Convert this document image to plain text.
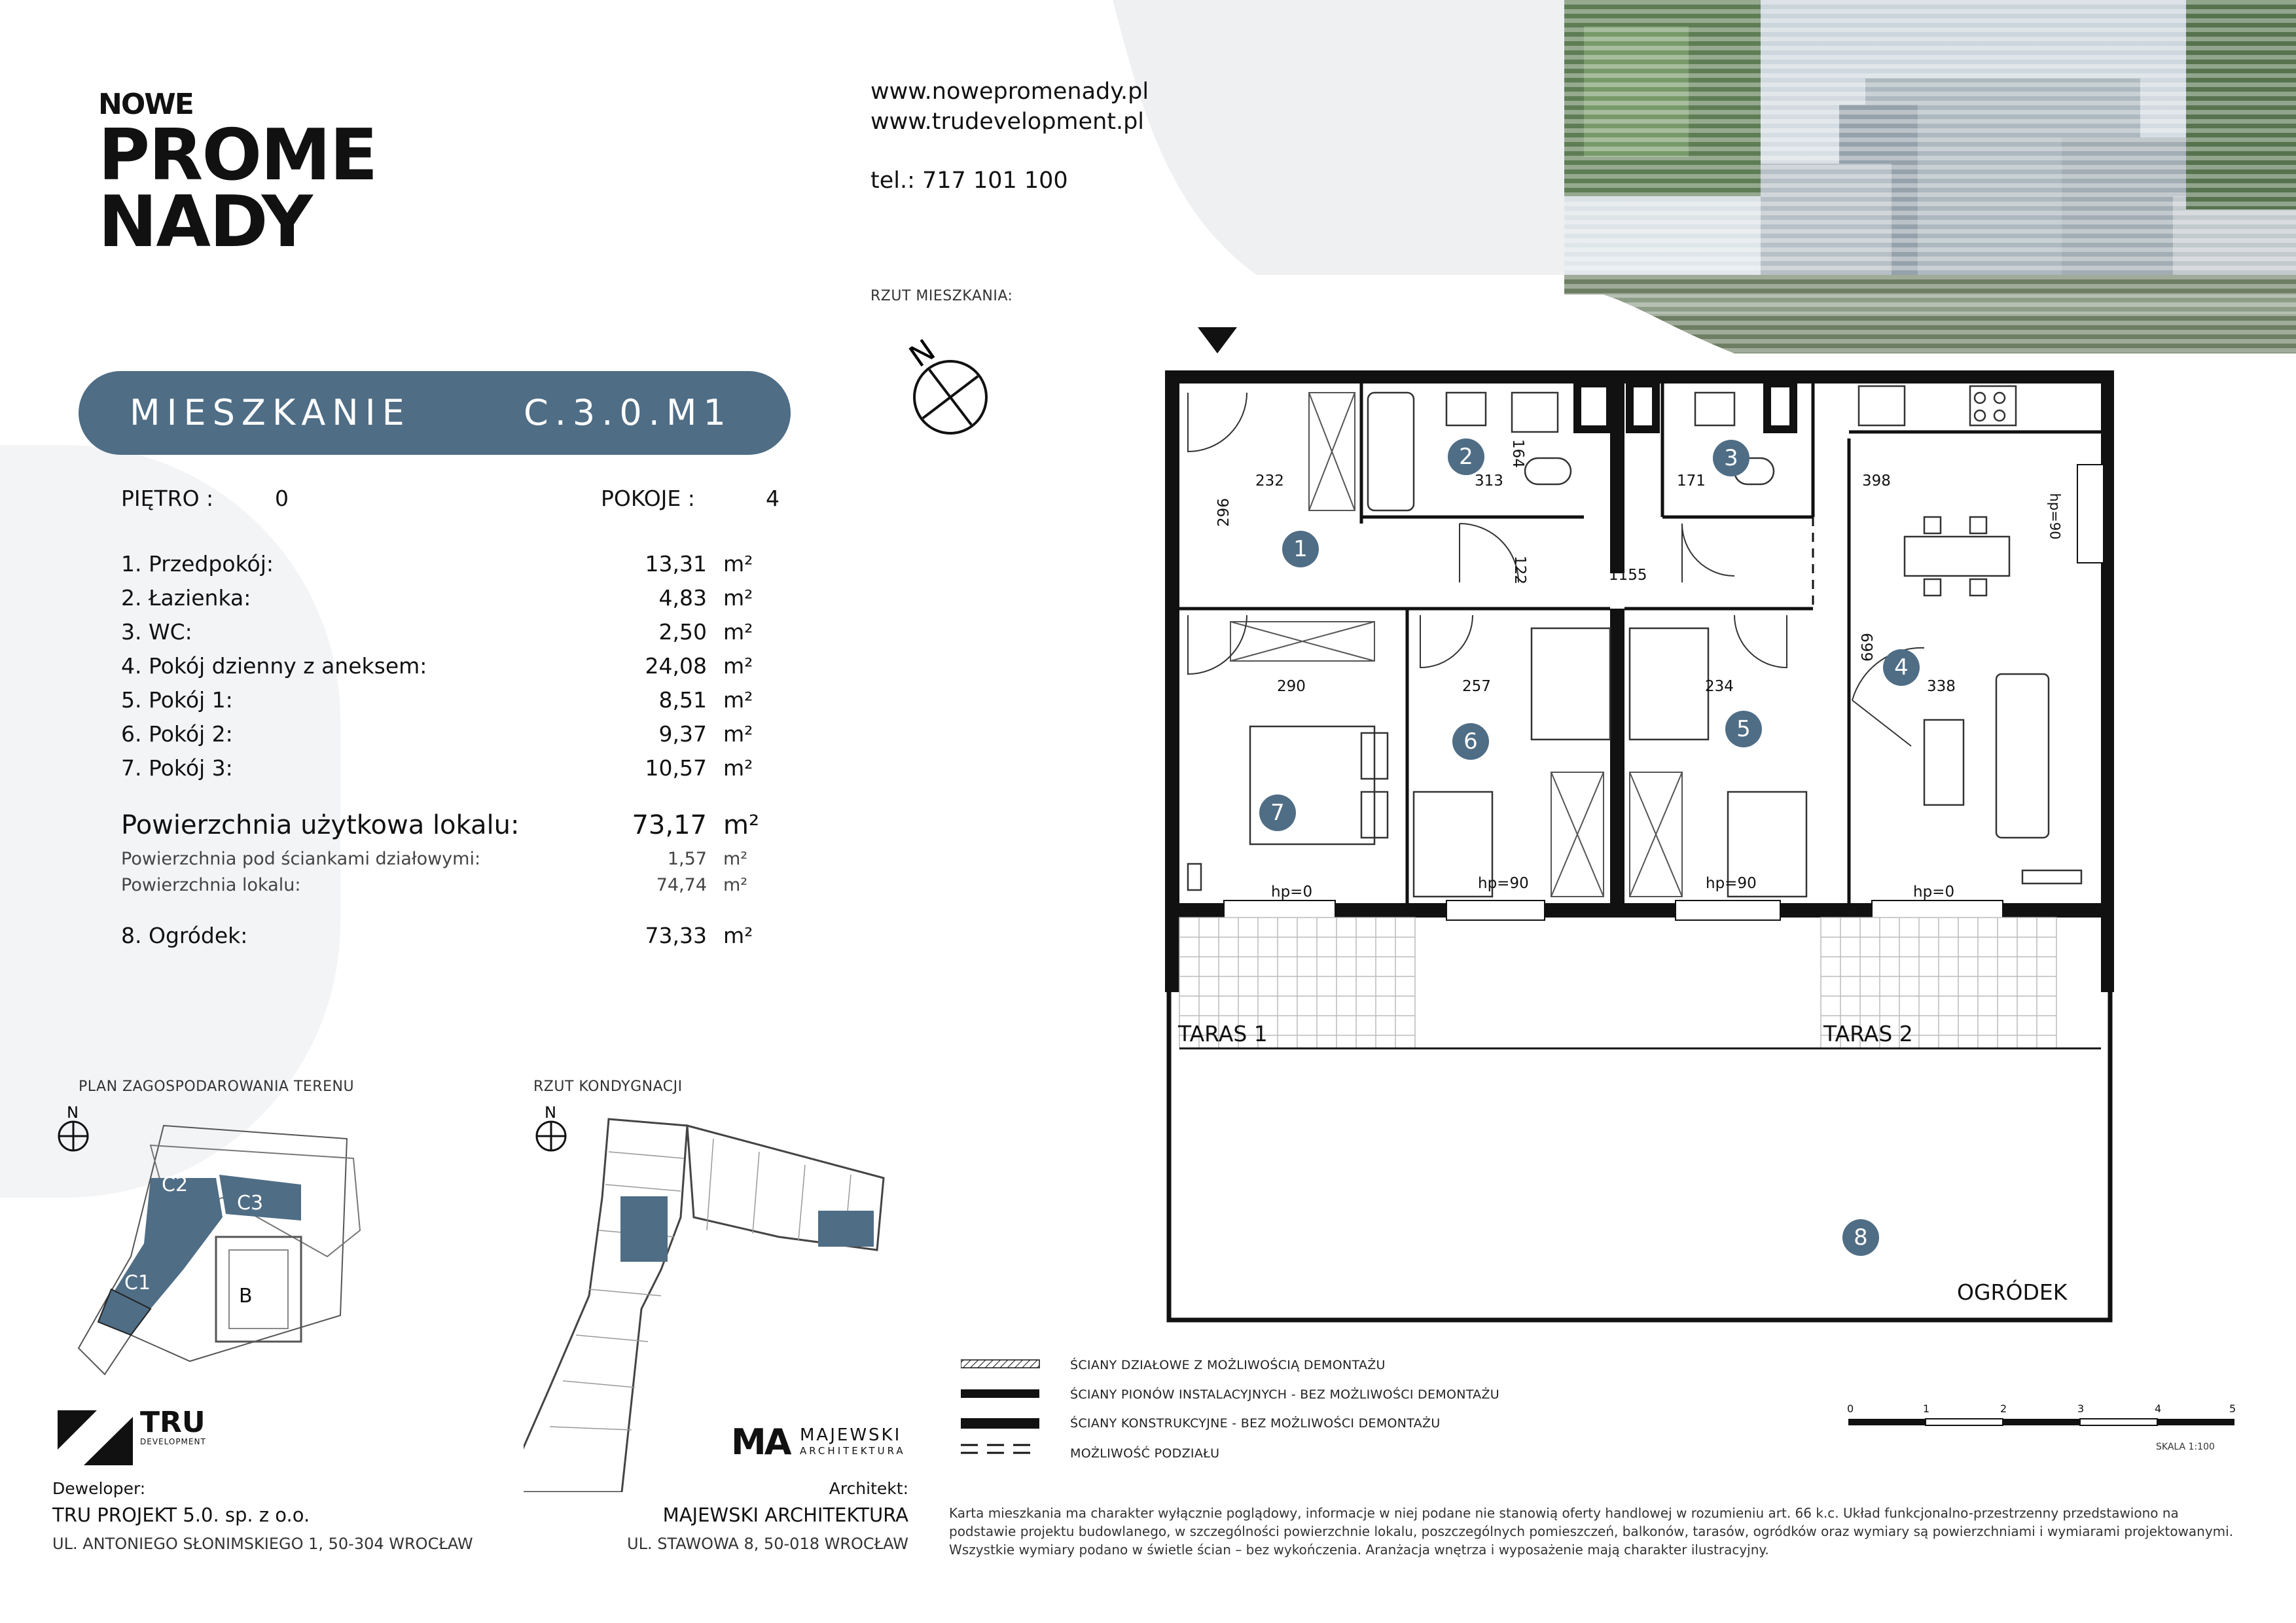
NOWE
PROME
NADY
www.nowepromenady.pl
www.trudevelopment.pl
tel.: 717 101 100
RZUT MIESZKANIA:
N
MIESZKANIE	C.3.0.M1
PIĘTRO :	0	POKOJE :	4
1. Przedpokój:	13,31 m²
2. Łazienka:	4,83 m²
3. WC:	2,50 m²
4. Pokój dzienny z aneksem:	24,08 m²
5. Pokój 1:	8,51 m²
6. Pokój 2:	9,37 m²
7. Pokój 3:	10,57 m²
Powierzchnia użytkowa lokalu:	73,17 m²
Powierzchnia pod ściankami działowymi:	1,57 m²
Powierzchnia lokalu:	74,74 m²
8. Ogródek:	73,33 m²
PLAN ZAGOSPODAROWANIA TERENU
N
C2
C3
C1
B
RZUT KONDYGNACJI
N
1
2	3
4
5
6
7
8
232
296
313
164
171	398
hp=90
122	1155
669
290	257	234	338
hp=0	hp=90	hp=90	hp=0
TARAS 1	TARAS 2
OGRÓDEK
ŚCIANY DZIAŁOWE Z MOŻLIWOŚCIĄ DEMONTAŻU
ŚCIANY PIONÓW INSTALACYJNYCH - BEZ MOŻLIWOŚCI DEMONTAŻU
ŚCIANY KONSTRUKCYJNE - BEZ MOŻLIWOŚCI DEMONTAŻU
MOŻLIWOŚĆ PODZIAŁU
0	1	2	3	4	5
SKALA 1:100
TRU
DEVELOPMENT
Deweloper:
TRU PROJEKT 5.0. sp. z o.o.
UL. ANTONIEGO SŁONIMSKIEGO 1, 50-304 WROCŁAW
MA MAJEWSKI
ARCHITEKTURA
Architekt:
MAJEWSKI ARCHITEKTURA
UL. STAWOWA 8, 50-018 WROCŁAW
Karta mieszkania ma charakter wyłącznie poglądowy, informacje w niej podane nie stanowią oferty handlowej w rozumieniu art. 66 k.c. Układ funkcjonalno-przestrzenny przedstawiono na podstawie projektu budowlanego, w szczególności powierzchnie lokalu, poszczególnych pomieszczeń, balkonów, tarasów, ogródków oraz wymiary są powierzchniami i wymiarami projektowanymi. Wszystkie wymiary podano w świetle ścian – bez wykończenia. Aranżacja wnętrza i wyposażenie mają charakter ilustracyjny.
